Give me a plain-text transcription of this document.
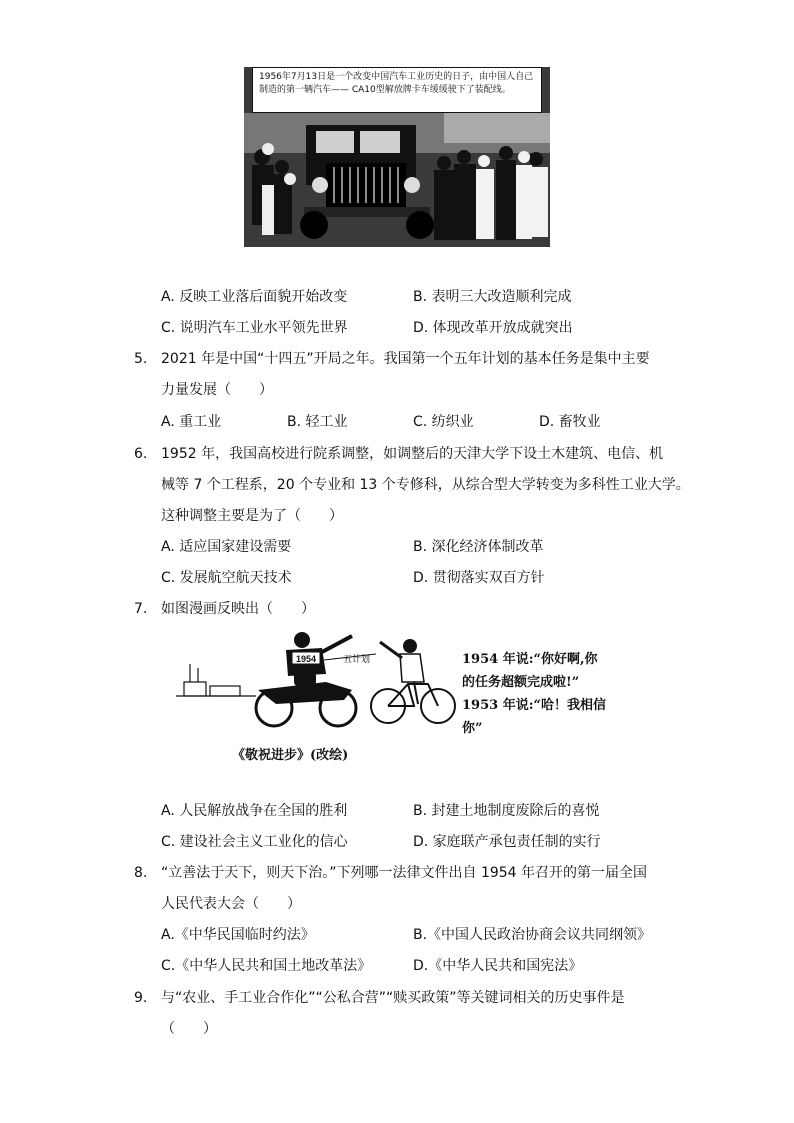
1956年7月13日是一个改变中国汽车工业历史的日子，由中国人自己制造的第一辆汽车—— CA10型解放牌卡车缓缓驶下了装配线。
A. 反映工业落后面貌开始改变	B. 表明三大改造顺利完成
C. 说明汽车工业水平领先世界	D. 体现改革开放成就突出
5. 2021 年是中国“十四五”开局之年。我国第一个五年计划的基本任务是集中主要
力量发展（　　）
A. 重工业	B. 轻工业	C. 纺织业	D. 畜牧业
6. 1952 年，我国高校进行院系调整，如调整后的天津大学下设土木建筑、电信、机
械等 7 个工程系，20 个专业和 13 个专修科，从综合型大学转变为多科性工业大学。
这种调整主要是为了（　　）
A. 适应国家建设需要	B. 深化经济体制改革
C. 发展航空航天技术	D. 贯彻落实双百方针
7. 如图漫画反映出（　　）
1954 一五计划	1954 年说:“你好啊,你
的任务超额完成啦!”
1953 年说:“哈！我相信
你”
《敬祝进步》(改绘)
A. 人民解放战争在全国的胜利	B. 封建土地制度废除后的喜悦
C. 建设社会主义工业化的信心	D. 家庭联产承包责任制的实行
8. “立善法于天下，则天下治。”下列哪一法律文件出自 1954 年召开的第一届全国
人民代表大会（　　）
A.《中华民国临时约法》	B.《中国人民政治协商会议共同纲领》
C.《中华人民共和国土地改革法》	D.《中华人民共和国宪法》
9. 与“农业、手工业合作化”“公私合营”“赎买政策”等关键词相关的历史事件是
（　　）
